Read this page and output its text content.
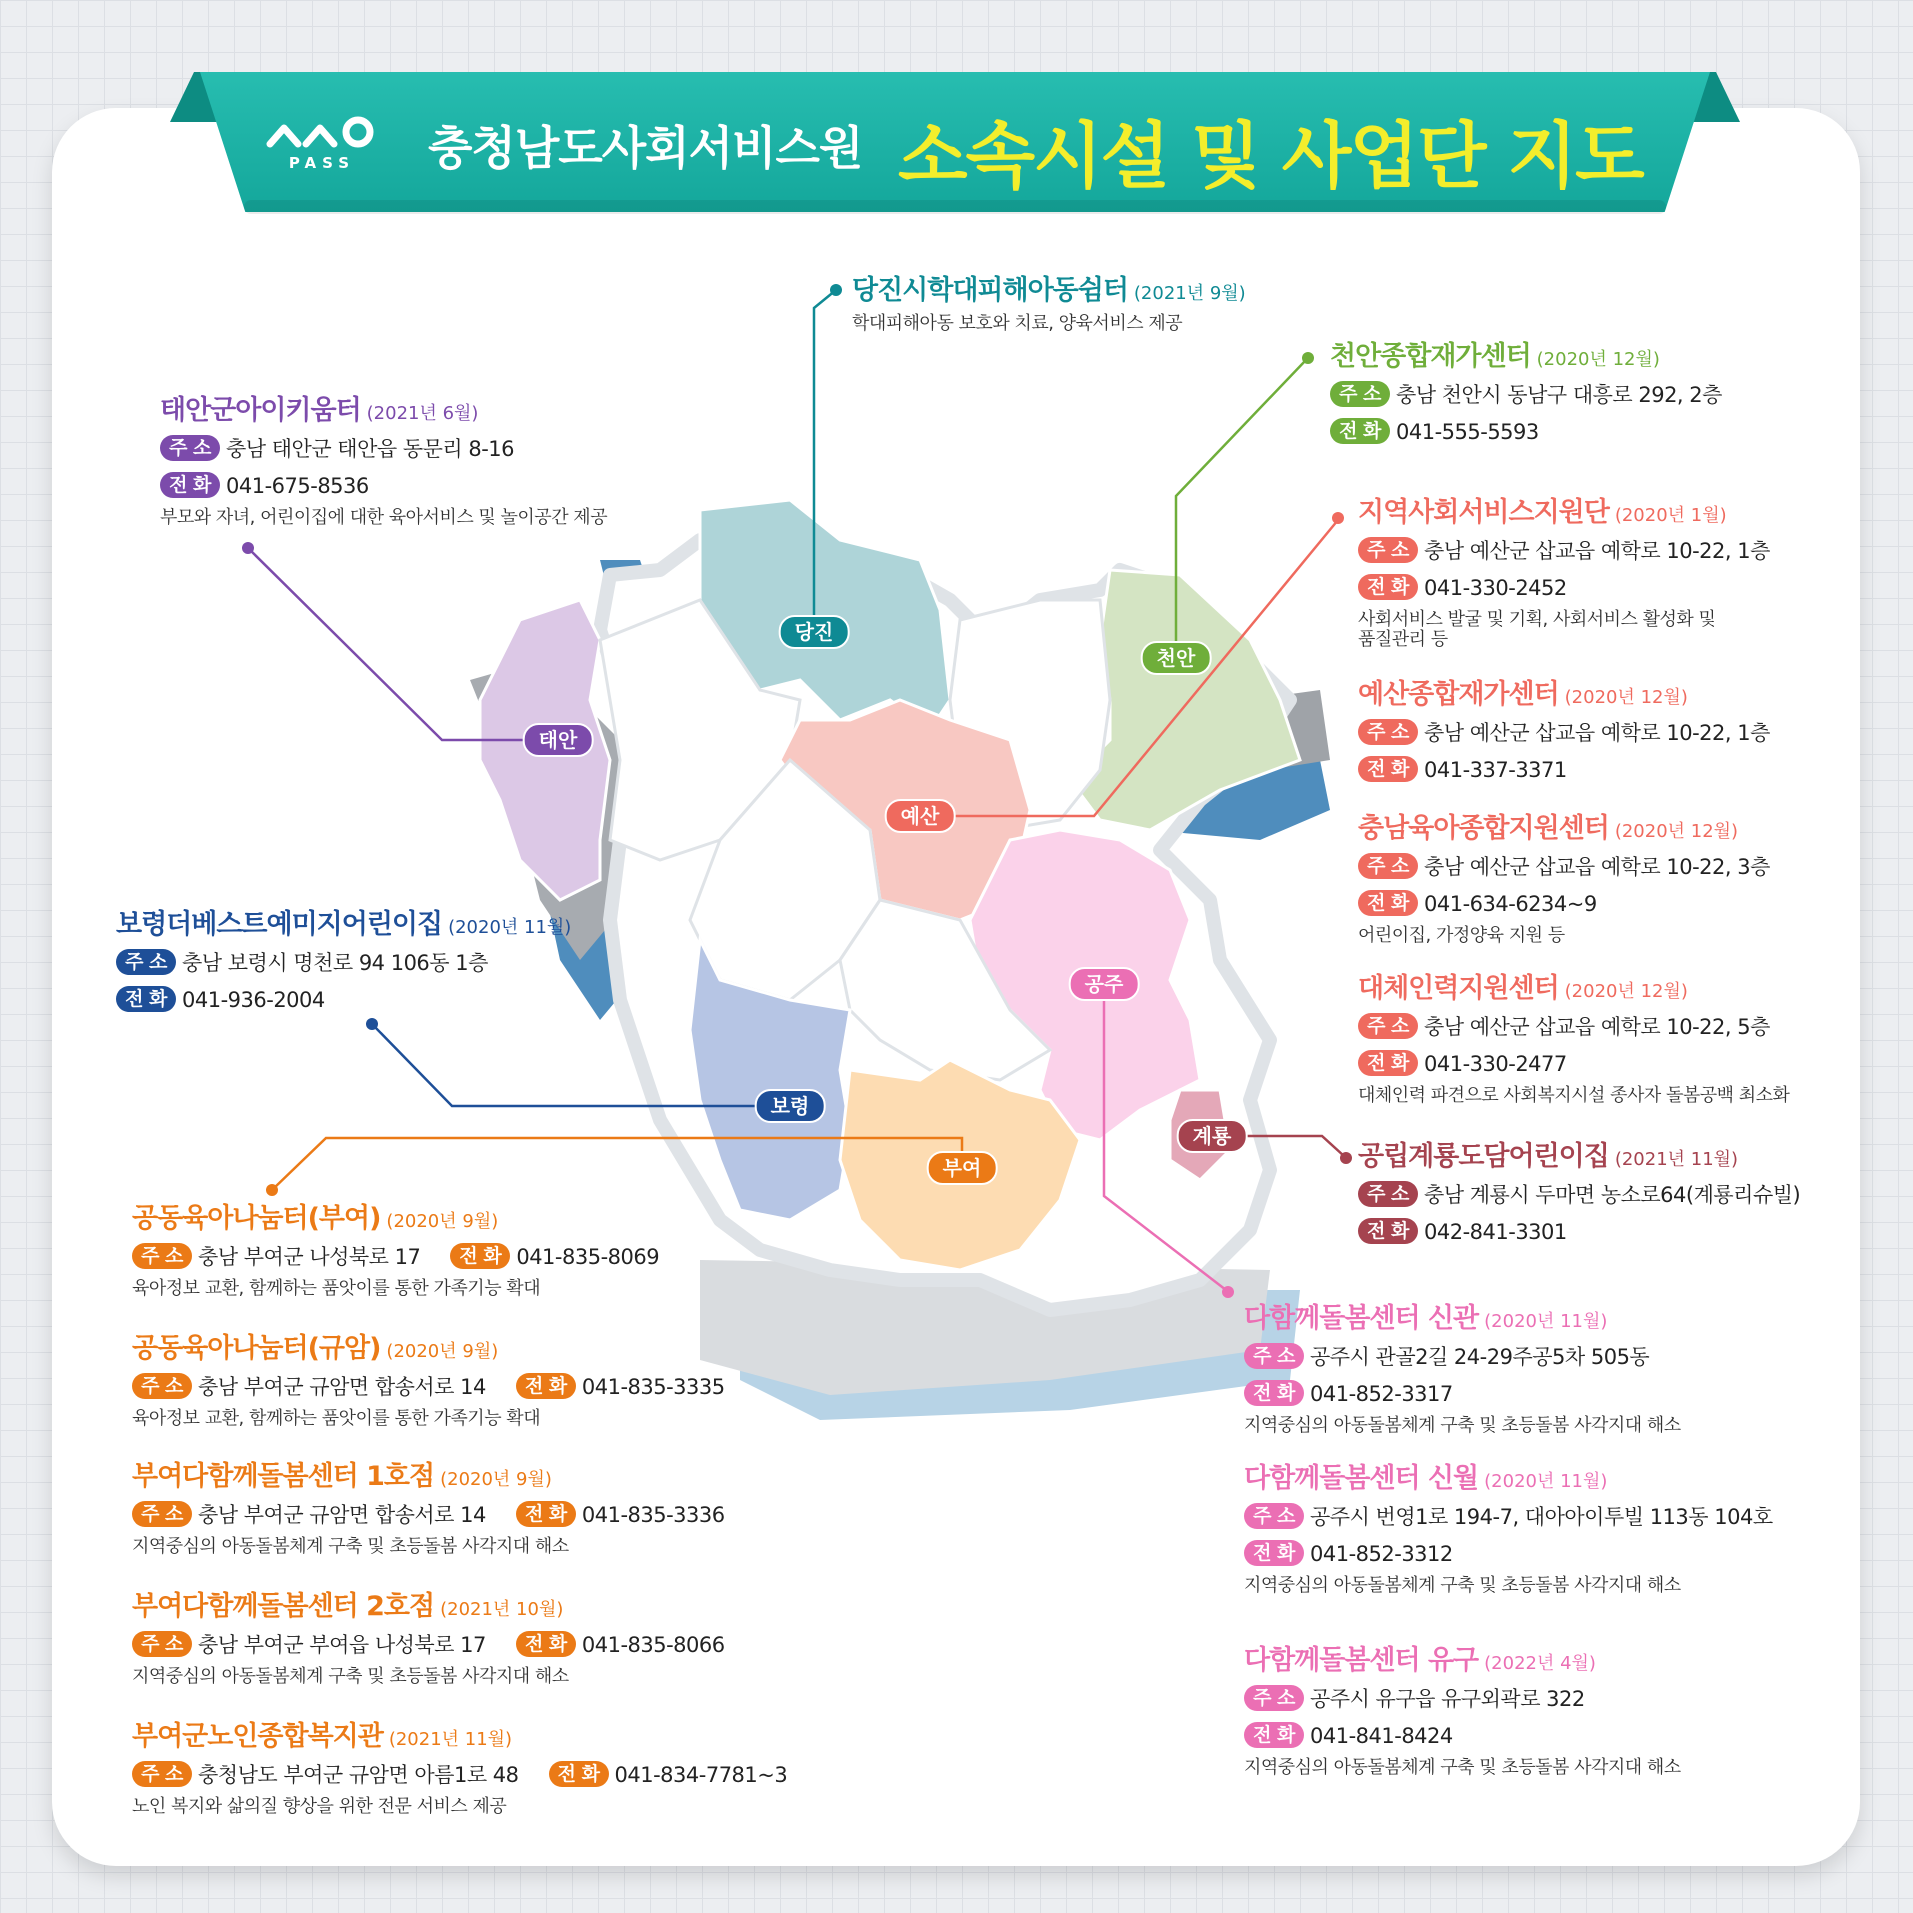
PASS	충청남도사회서비스원 소속시설 및 사업단 지도
당진
천안
태안
예산
공주
보령
부여
계룡
당진시학대피해아동쉼터 (2021년 9월)
학대피해아동 보호와 치료, 양육서비스 제공
천안종합재가센터 (2020년 12월)
주 소 충남 천안시 동남구 대흥로 292, 2층
전 화 041-555-5593
태안군아이키움터 (2021년 6월)
주 소 충남 태안군 태안읍 동문리 8-16
전 화 041-675-8536
부모와 자녀, 어린이집에 대한 육아서비스 및 놀이공간 제공
보령더베스트예미지어린이집 (2020년 11월)
주 소 충남 보령시 명천로 94 106동 1층
전 화 041-936-2004
지역사회서비스지원단 (2020년 1월)
주 소 충남 예산군 삽교읍 예학로 10-22, 1층
전 화 041-330-2452
사회서비스 발굴 및 기획, 사회서비스 활성화 및
품질관리 등
예산종합재가센터 (2020년 12월)
주 소 충남 예산군 삽교읍 예학로 10-22, 1층
전 화 041-337-3371
충남육아종합지원센터 (2020년 12월)
주 소 충남 예산군 삽교읍 예학로 10-22, 3층
전 화 041-634-6234~9
어린이집, 가정양육 지원 등
대체인력지원센터 (2020년 12월)
주 소 충남 예산군 삽교읍 예학로 10-22, 5층
전 화 041-330-2477
대체인력 파견으로 사회복지시설 종사자 돌봄공백 최소화
공립계룡도담어린이집 (2021년 11월)
주 소 충남 계룡시 두마면 농소로64(계룡리슈빌)
전 화 042-841-3301
다함께돌봄센터 신관 (2020년 11월)
주 소 공주시 관골2길 24-29주공5차 505동
전 화 041-852-3317
지역중심의 아동돌봄체계 구축 및 초등돌봄 사각지대 해소
다함께돌봄센터 신월 (2020년 11월)
주 소 공주시 번영1로 194-7, 대아아이투빌 113동 104호
전 화 041-852-3312
지역중심의 아동돌봄체계 구축 및 초등돌봄 사각지대 해소
다함께돌봄센터 유구 (2022년 4월)
주 소 공주시 유구읍 유구외곽로 322
전 화 041-841-8424
지역중심의 아동돌봄체계 구축 및 초등돌봄 사각지대 해소
공동육아나눔터(부여) (2020년 9월)
주 소 충남 부여군 나성북로 17 전 화 041-835-8069
육아정보 교환, 함께하는 품앗이를 통한 가족기능 확대
공동육아나눔터(규암) (2020년 9월)
주 소 충남 부여군 규암면 합송서로 14 전 화 041-835-3335
육아정보 교환, 함께하는 품앗이를 통한 가족기능 확대
부여다함께돌봄센터 1호점 (2020년 9월)
주 소 충남 부여군 규암면 합송서로 14 전 화 041-835-3336
지역중심의 아동돌봄체계 구축 및 초등돌봄 사각지대 해소
부여다함께돌봄센터 2호점 (2021년 10월)
주 소 충남 부여군 부여읍 나성북로 17 전 화 041-835-8066
지역중심의 아동돌봄체계 구축 및 초등돌봄 사각지대 해소
부여군노인종합복지관 (2021년 11월)
주 소 충청남도 부여군 규암면 아름1로 48 전 화 041-834-7781~3
노인 복지와 삶의질 향상을 위한 전문 서비스 제공
